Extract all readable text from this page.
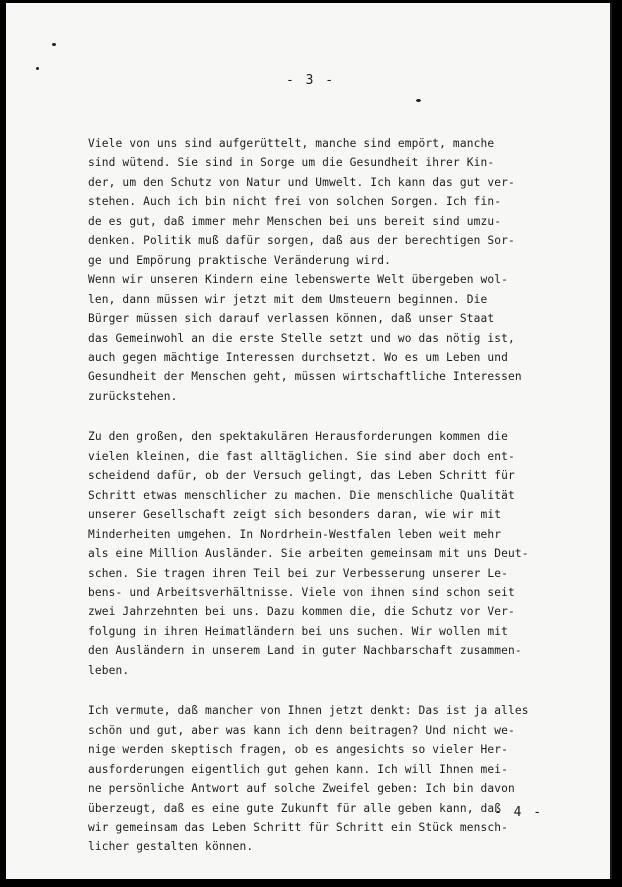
- 3 -

Viele von uns sind aufgerüttelt, manche sind empört, manche
sind wütend. Sie sind in Sorge um die Gesundheit ihrer Kin-
der, um den Schutz von Natur und Umwelt. Ich kann das gut ver-
stehen. Auch ich bin nicht frei von solchen Sorgen. Ich fin-
de es gut, daß immer mehr Menschen bei uns bereit sind umzu-
denken. Politik muß dafür sorgen, daß aus der berechtigen Sor-
ge und Empörung praktische Veränderung wird.
Wenn wir unseren Kindern eine lebenswerte Welt übergeben wol-
len, dann müssen wir jetzt mit dem Umsteuern beginnen. Die
Bürger müssen sich darauf verlassen können, daß unser Staat
das Gemeinwohl an die erste Stelle setzt und wo das nötig ist,
auch gegen mächtige Interessen durchsetzt. Wo es um Leben und
Gesundheit der Menschen geht, müssen wirtschaftliche Interessen
zurückstehen.
Zu den großen, den spektakulären Herausforderungen kommen die
vielen kleinen, die fast alltäglichen. Sie sind aber doch ent-
scheidend dafür, ob der Versuch gelingt, das Leben Schritt für
Schritt etwas menschlicher zu machen. Die menschliche Qualität
unserer Gesellschaft zeigt sich besonders daran, wie wir mit
Minderheiten umgehen. In Nordrhein-Westfalen leben weit mehr
als eine Million Ausländer. Sie arbeiten gemeinsam mit uns Deut-
schen. Sie tragen ihren Teil bei zur Verbesserung unserer Le-
bens- und Arbeitsverhältnisse. Viele von ihnen sind schon seit
zwei Jahrzehnten bei uns. Dazu kommen die, die Schutz vor Ver-
folgung in ihren Heimatländern bei uns suchen. Wir wollen mit
den Ausländern in unserem Land in guter Nachbarschaft zusammen-
leben.
Ich vermute, daß mancher von Ihnen jetzt denkt: Das ist ja alles
schön und gut, aber was kann ich denn beitragen? Und nicht we-
nige werden skeptisch fragen, ob es angesichts so vieler Her-
ausforderungen eigentlich gut gehen kann. Ich will Ihnen mei-
ne persönliche Antwort auf solche Zweifel geben: Ich bin davon
überzeugt, daß es eine gute Zukunft für alle geben kann, daß
wir gemeinsam das Leben Schritt für Schritt ein Stück mensch-
licher gestalten können.

- 4 -
